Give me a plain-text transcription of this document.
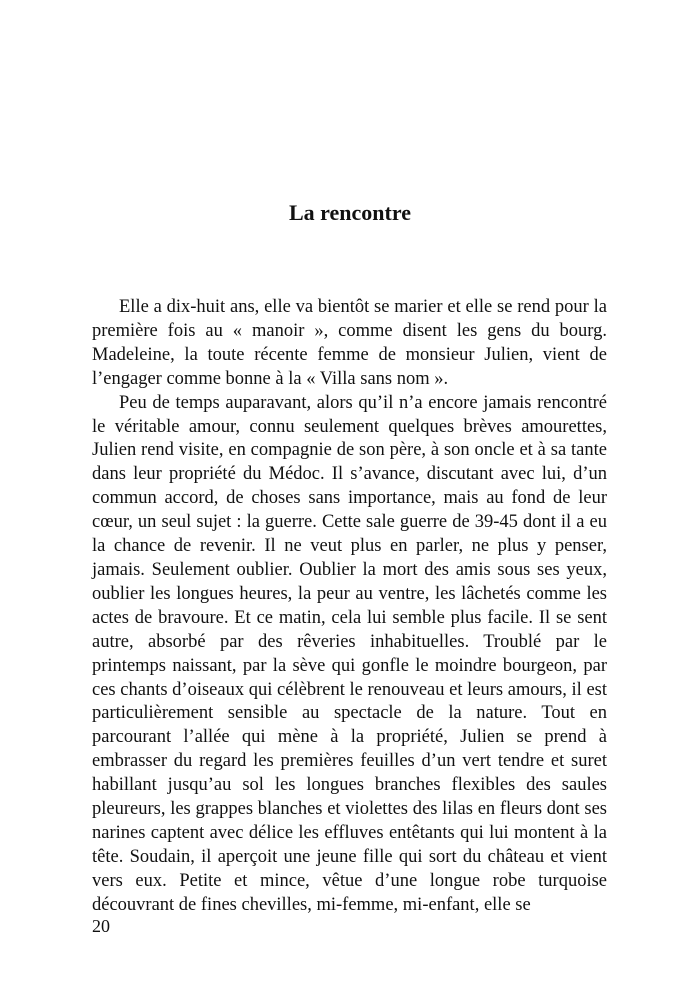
La rencontre

Elle a dix-huit ans, elle va bientôt se marier et elle se rend pour la première fois au « manoir », comme disent les gens du bourg. Madeleine, la toute récente femme de monsieur Julien, vient de l’engager comme bonne à la « Villa sans nom ».

Peu de temps auparavant, alors qu’il n’a encore jamais rencontré le véritable amour, connu seulement quelques brèves amourettes, Julien rend visite, en compagnie de son père, à son oncle et à sa tante dans leur propriété du Médoc. Il s’avance, discutant avec lui, d’un commun accord, de choses sans importance, mais au fond de leur cœur, un seul sujet : la guerre. Cette sale guerre de 39-45 dont il a eu la chance de revenir. Il ne veut plus en parler, ne plus y penser, jamais. Seulement oublier. Oublier la mort des amis sous ses yeux, oublier les longues heures, la peur au ventre, les lâchetés comme les actes de bravoure. Et ce matin, cela lui semble plus facile. Il se sent autre, absorbé par des rêveries inhabituelles. Troublé par le printemps naissant, par la sève qui gonfle le moindre bourgeon, par ces chants d’oiseaux qui célèbrent le renouveau et leurs amours, il est particulièrement sensible au spectacle de la nature. Tout en parcourant l’allée qui mène à la propriété, Julien se prend à embrasser du regard les premières feuilles d’un vert tendre et suret habillant jusqu’au sol les longues branches flexibles des saules pleureurs, les grappes blanches et violettes des lilas en fleurs dont ses narines captent avec délice les effluves entêtants qui lui montent à la tête. Soudain, il aperçoit une jeune fille qui sort du château et vient vers eux. Petite et mince, vêtue d’une longue robe turquoise découvrant de fines chevilles, mi-femme, mi-enfant, elle se

20
